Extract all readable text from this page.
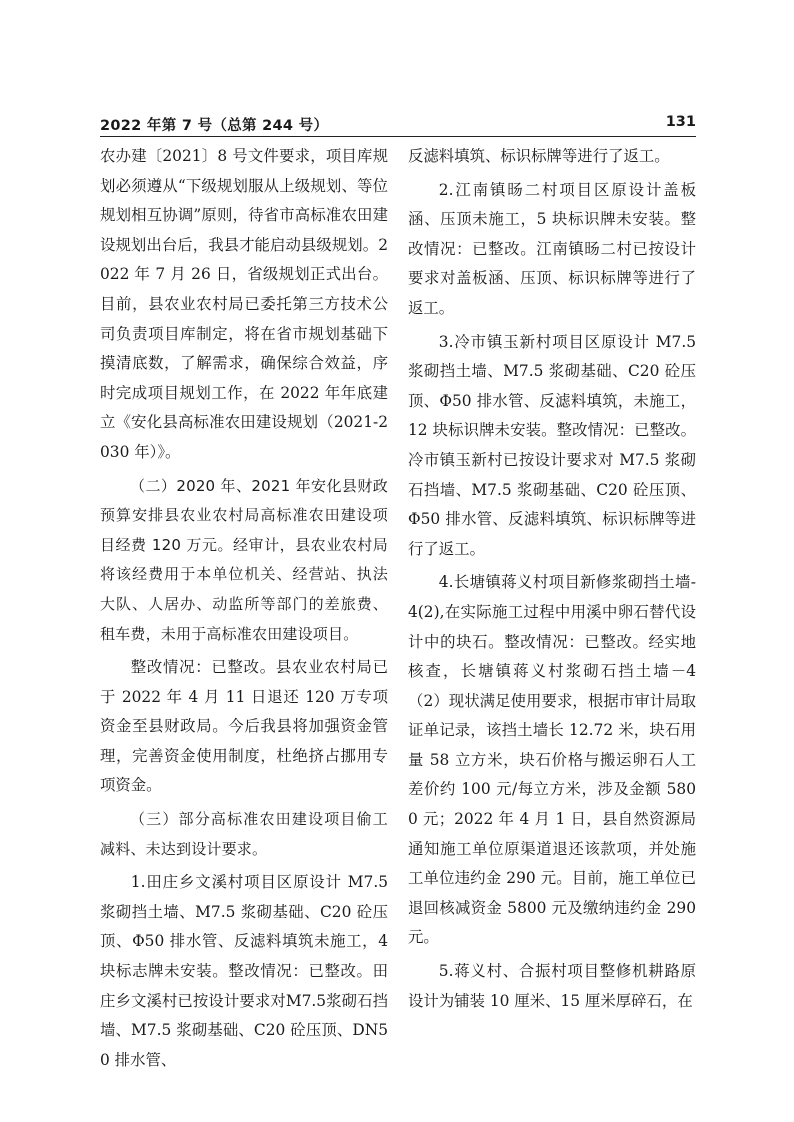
2022 年第 7 号（总第 244 号）	131

农办建〔2021〕8 号文件要求，项目库规划必须遵从“下级规划服从上级规划、等位规划相互协调”原则，待省市高标准农田建设规划出台后，我县才能启动县级规划。2022 年 7 月 26 日，省级规划正式出台。目前，县农业农村局已委托第三方技术公司负责项目库制定，将在省市规划基础下摸清底数，了解需求，确保综合效益，序时完成项目规划工作，在 2022 年年底建立《安化县高标准农田建设规划（2021-2030 年）》。

（二）2020 年、2021 年安化县财政预算安排县农业农村局高标准农田建设项目经费 120 万元。经审计，县农业农村局将该经费用于本单位机关、经营站、执法大队、人居办、动监所等部门的差旅费、租车费，未用于高标准农田建设项目。

整改情况：已整改。县农业农村局已于 2022 年 4 月 11 日退还 120 万专项资金至县财政局。今后我县将加强资金管理，完善资金使用制度，杜绝挤占挪用专项资金。

（三）部分高标准农田建设项目偷工减料、未达到设计要求。

1.田庄乡文溪村项目区原设计 M7.5 浆砌挡土墙、M7.5 浆砌基础、C20 砼压顶、Φ50 排水管、反滤料填筑未施工，4 块标志牌未安装。整改情况：已整改。田庄乡文溪村已按设计要求对M7.5浆砌石挡墙、M7.5 浆砌基础、C20 砼压顶、DN50 排水管、

反滤料填筑、标识标牌等进行了返工。

2.江南镇旸二村项目区原设计盖板涵、压顶未施工，5 块标识牌未安装。整改情况：已整改。江南镇旸二村已按设计要求对盖板涵、压顶、标识标牌等进行了返工。

3.冷市镇玉新村项目区原设计 M7.5 浆砌挡土墙、M7.5 浆砌基础、C20 砼压顶、Φ50 排水管、反滤料填筑，未施工，12 块标识牌未安装。整改情况：已整改。冷市镇玉新村已按设计要求对 M7.5 浆砌石挡墙、M7.5 浆砌基础、C20 砼压顶、Φ50 排水管、反滤料填筑、标识标牌等进行了返工。

4.长塘镇蒋义村项目新修浆砌挡土墙-4(2),在实际施工过程中用溪中卵石替代设计中的块石。整改情况：已整改。经实地核查，长塘镇蒋义村浆砌石挡土墙－4（2）现状满足使用要求，根据市审计局取证单记录，该挡土墙长 12.72 米，块石用量 58 立方米，块石价格与搬运卵石人工差价约 100 元/每立方米，涉及金额 5800 元；2022 年 4 月 1 日，县自然资源局通知施工单位原渠道退还该款项，并处施工单位违约金 290 元。目前，施工单位已退回核减资金 5800 元及缴纳违约金 290 元。

5.蒋义村、合振村项目整修机耕路原设计为铺装 10 厘米、15 厘米厚碎石，在
